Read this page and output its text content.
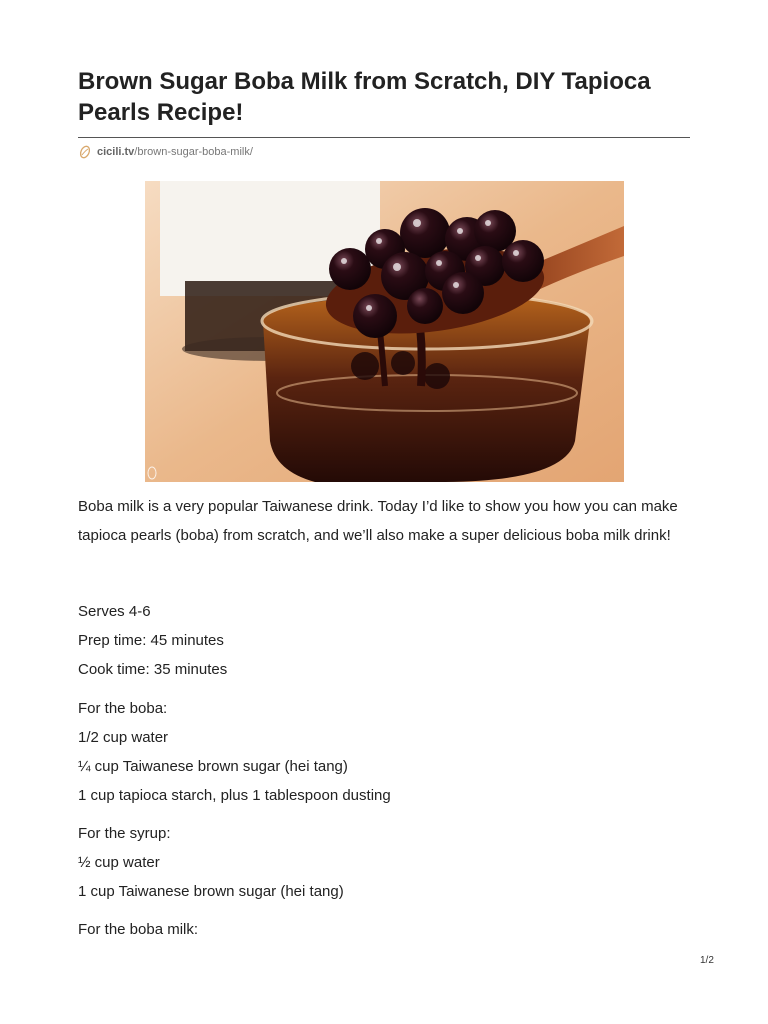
Brown Sugar Boba Milk from Scratch, DIY Tapioca Pearls Recipe!
cicili.tv /brown-sugar-boba-milk/
Boba milk is a very popular Taiwanese drink. Today I’d like to show you how you can make tapioca pearls (boba) from scratch, and we’ll also make a super delicious boba milk drink!
Serves 4-6
Prep time: 45 minutes
Cook time: 35 minutes
For the boba:
1/2 cup water
¼ cup Taiwanese brown sugar (hei tang)
1 cup tapioca starch, plus 1 tablespoon dusting
For the syrup:
½ cup water
1 cup Taiwanese brown sugar (hei tang)
For the boba milk:
1/2
